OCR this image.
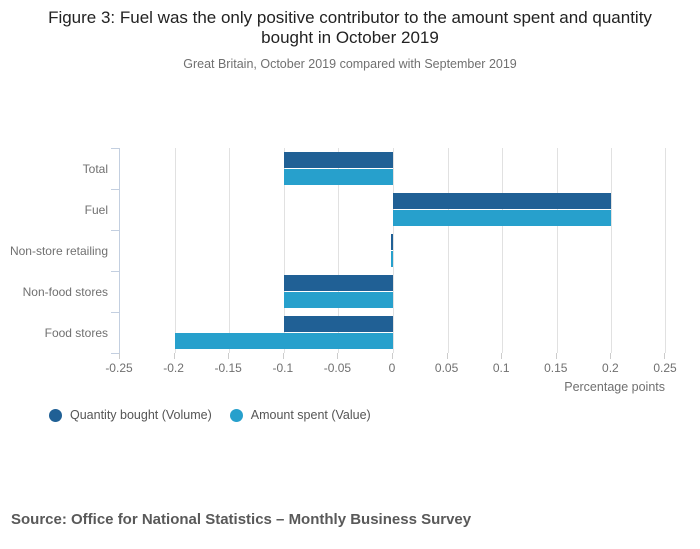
Figure 3: Fuel was the only positive contributor to the amount spent and quantity bought in October 2019
Great Britain, October 2019 compared with September 2019
Total
Fuel
Non-store retailing
Non-food stores
Food stores
-0.25	-0.2	-0.15	-0.1	-0.05	0	0.05	0.1	0.15	0.2	0.25
Percentage points
Quantity bought (Volume)	Amount spent (Value)

Source: Office for National Statistics – Monthly Business Survey
